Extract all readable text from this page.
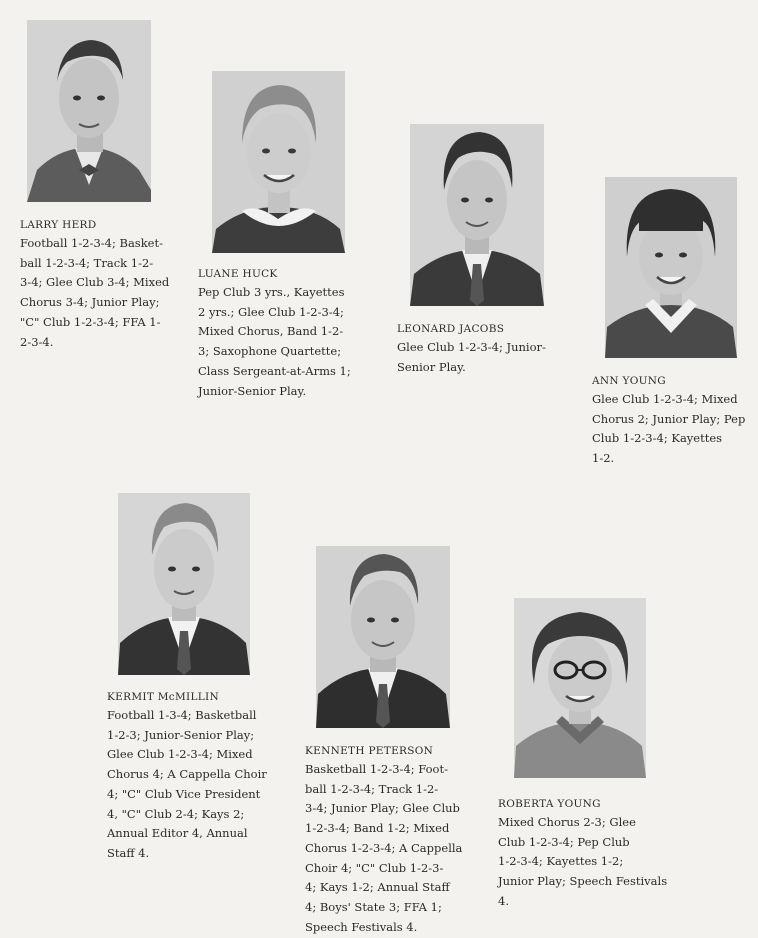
LARRY HERD
Football 1-2-3-4; Basket-
ball 1-2-3-4; Track 1-2-
3-4; Glee Club 3-4; Mixed
Chorus 3-4; Junior Play;
"C" Club 1-2-3-4; FFA 1-
2-3-4.
LUANE HUCK
Pep Club 3 yrs., Kayettes
2 yrs.; Glee Club 1-2-3-4;
Mixed Chorus, Band 1-2-
3; Saxophone Quartette;
Class Sergeant-at-Arms 1;
Junior-Senior Play.
LEONARD JACOBS
Glee Club 1-2-3-4; Junior-
Senior Play.
ANN YOUNG
Glee Club 1-2-3-4; Mixed
Chorus 2; Junior Play; Pep
Club 1-2-3-4; Kayettes
1-2.
KERMIT McMILLIN
Football 1-3-4; Basketball
1-2-3; Junior-Senior Play;
Glee Club 1-2-3-4; Mixed
Chorus 4; A Cappella Choir
4; "C" Club Vice President
4, "C" Club 2-4; Kays 2;
Annual Editor 4, Annual
Staff 4.
KENNETH PETERSON
Basketball 1-2-3-4; Foot-
ball 1-2-3-4; Track 1-2-
3-4; Junior Play; Glee Club
1-2-3-4; Band 1-2; Mixed
Chorus 1-2-3-4; A Cappella
Choir 4; "C" Club 1-2-3-
4; Kays 1-2; Annual Staff
4; Boys' State 3; FFA 1;
Speech Festivals 4.
ROBERTA YOUNG
Mixed Chorus 2-3; Glee
Club 1-2-3-4; Pep Club
1-2-3-4; Kayettes 1-2;
Junior Play; Speech Festivals
4.
